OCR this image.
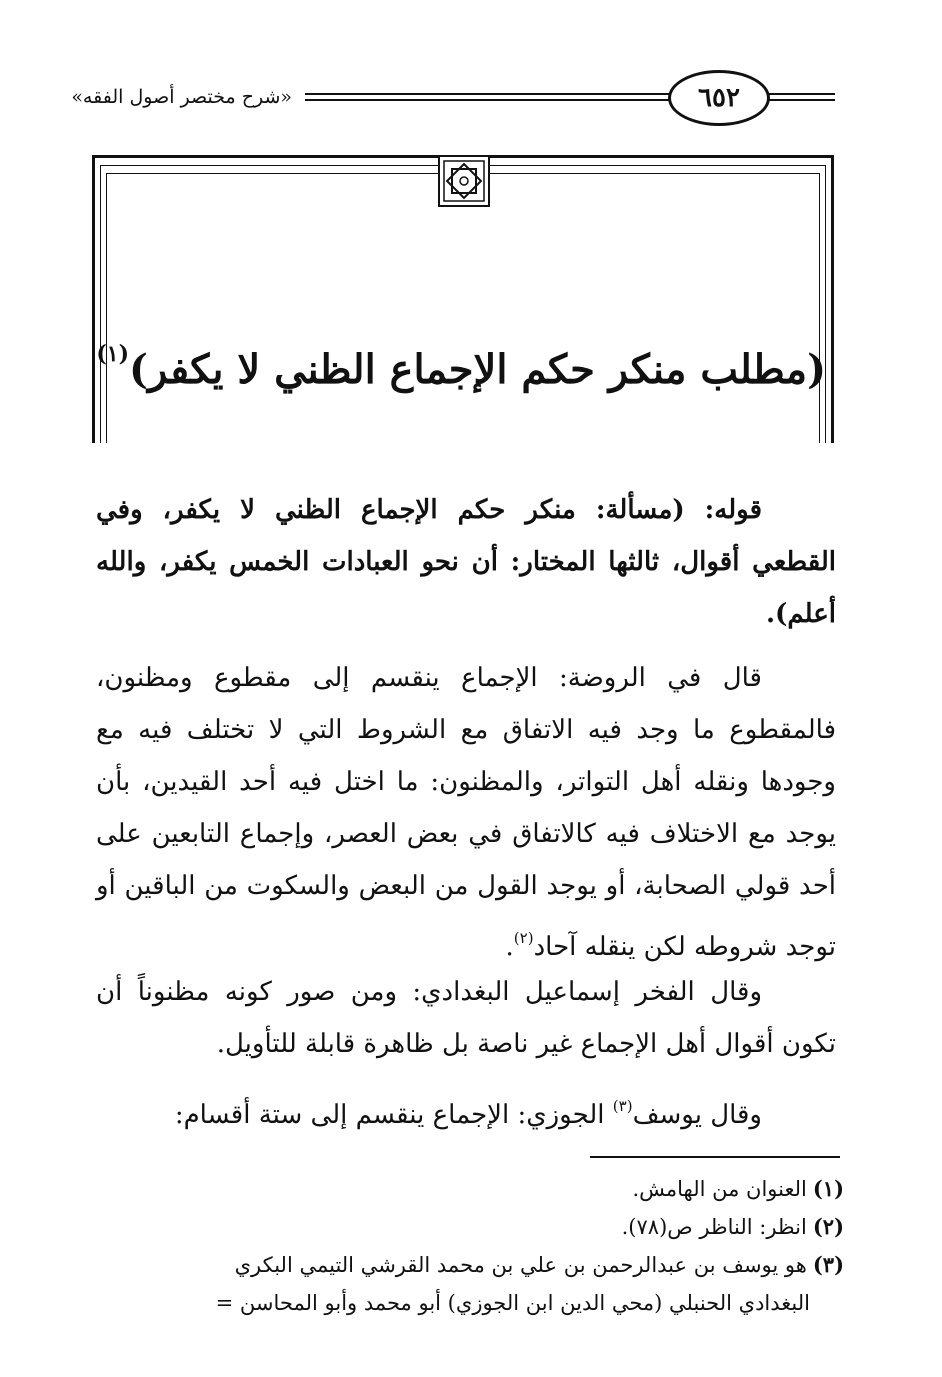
«شرح مختصر أصول الفقه»	٦٥٢
(مطلب منكر حكم الإجماع الظني لا يكفر)$^{(١)}$

قوله: (مسألة: منكر حكم الإجماع الظني لا يكفر، وفي القطعي أقوال، ثالثها المختار: أن نحو العبادات الخمس يكفر، والله أعلم).

قال في الروضة: الإجماع ينقسم إلى مقطوع ومظنون، فالمقطوع ما وجد فيه الاتفاق مع الشروط التي لا تختلف فيه مع وجودها ونقله أهل التواتر، والمظنون: ما اختل فيه أحد القيدين، بأن يوجد مع الاختلاف فيه كالاتفاق في بعض العصر، وإجماع التابعين على أحد قولي الصحابة، أو يوجد القول من البعض والسكوت من الباقين أو توجد شروطه لكن ينقله آحاد$^{(٢)}$.

وقال الفخر إسماعيل البغدادي: ومن صور كونه مظنوناً أن تكون أقوال أهل الإجماع غير ناصة بل ظاهرة قابلة للتأويل.

وقال يوسف$^{(٣)}$ الجوزي: الإجماع ينقسم إلى ستة أقسام:

(١)العنوان من الهامش.

(٢)انظر: الناظر ص(٧٨).

(٣)هو يوسف بن عبدالرحمن بن علي بن محمد القرشي التيمي البكري

البغدادي الحنبلي (محي الدين ابن الجوزي) أبو محمد وأبو المحاسن =
